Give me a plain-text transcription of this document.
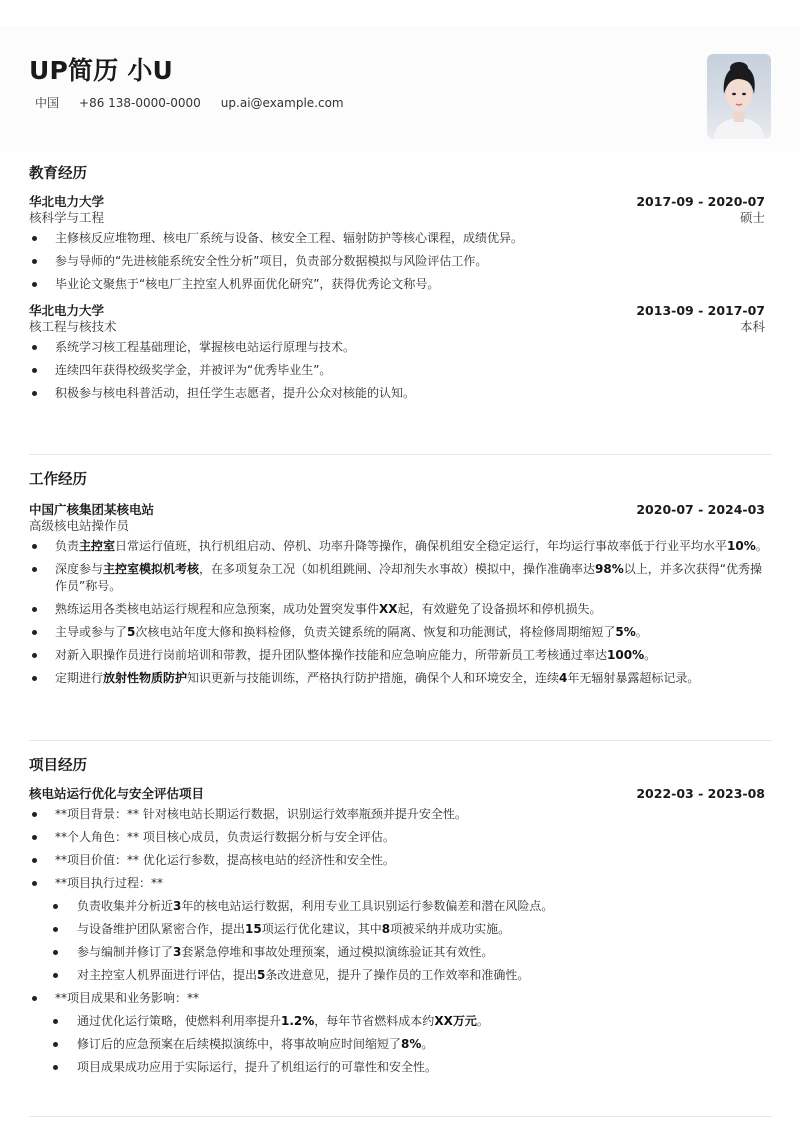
UP简历 小U
中国 +86 138-0000-0000 up.ai@example.com
教育经历
华北电力大学	2017-09 - 2020-07
核科学与工程	硕士
主修核反应堆物理、核电厂系统与设备、核安全工程、辐射防护等核心课程，成绩优异。
参与导师的“先进核能系统安全性分析”项目，负责部分数据模拟与风险评估工作。
毕业论文聚焦于“核电厂主控室人机界面优化研究”，获得优秀论文称号。
华北电力大学	2013-09 - 2017-07
核工程与核技术	本科
系统学习核工程基础理论，掌握核电站运行原理与技术。
连续四年获得校级奖学金，并被评为“优秀毕业生”。
积极参与核电科普活动，担任学生志愿者，提升公众对核能的认知。
工作经历
中国广核集团某核电站	2020-07 - 2024-03
高级核电站操作员
负责主控室日常运行值班，执行机组启动、停机、功率升降等操作，确保机组安全稳定运行，年均运行事故率低于行业平均水平10%。
深度参与主控室模拟机考核，在多项复杂工况（如机组跳闸、冷却剂失水事故）模拟中，操作准确率达98%以上，并多次获得“优秀操作员”称号。
熟练运用各类核电站运行规程和应急预案，成功处置突发事件XX起，有效避免了设备损坏和停机损失。
主导或参与了5次核电站年度大修和换料检修，负责关键系统的隔离、恢复和功能测试，将检修周期缩短了5%。
对新入职操作员进行岗前培训和带教，提升团队整体操作技能和应急响应能力，所带新员工考核通过率达100%。
定期进行放射性物质防护知识更新与技能训练，严格执行防护措施，确保个人和环境安全，连续4年无辐射暴露超标记录。
项目经历
核电站运行优化与安全评估项目	2022-03 - 2023-08
**项目背景：** 针对核电站长期运行数据，识别运行效率瓶颈并提升安全性。
**个人角色：** 项目核心成员，负责运行数据分析与安全评估。
**项目价值：** 优化运行参数，提高核电站的经济性和安全性。
**项目执行过程：**
负责收集并分析近3年的核电站运行数据，利用专业工具识别运行参数偏差和潜在风险点。
与设备维护团队紧密合作，提出15项运行优化建议，其中8项被采纳并成功实施。
参与编制并修订了3套紧急停堆和事故处理预案，通过模拟演练验证其有效性。
对主控室人机界面进行评估，提出5条改进意见，提升了操作员的工作效率和准确性。
**项目成果和业务影响：**
通过优化运行策略，使燃料利用率提升1.2%，每年节省燃料成本约XX万元。
修订后的应急预案在后续模拟演练中，将事故响应时间缩短了8%。
项目成果成功应用于实际运行，提升了机组运行的可靠性和安全性。
